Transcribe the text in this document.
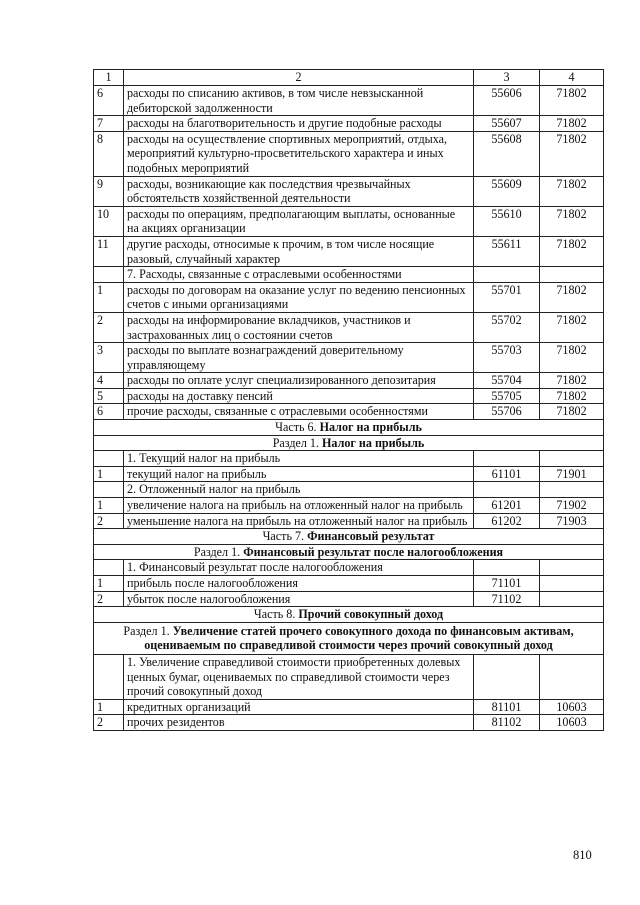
1	2	3	4
6	расходы по списанию активов, в том числе невзысканной дебиторской задолженности	55606	71802
7	расходы на благотворительность и другие подобные расходы	55607	71802
8	расходы на осуществление спортивных мероприятий, отдыха, мероприятий культурно-просветительского характера и иных подобных мероприятий	55608	71802
9	расходы, возникающие как последствия чрезвычайных обстоятельств хозяйственной деятельности	55609	71802
10	расходы по операциям, предполагающим выплаты, основанные на акциях организации	55610	71802
11	другие расходы, относимые к прочим, в том числе носящие разовый, случайный характер	55611	71802
	7. Расходы, связанные с отраслевыми особенностями		
1	расходы по договорам на оказание услуг по ведению пенсионных счетов с иными организациями	55701	71802
2	расходы на информирование вкладчиков, участников и застрахованных лиц о состоянии счетов	55702	71802
3	расходы по выплате вознаграждений доверительному управляющему	55703	71802
4	расходы по оплате услуг специализированного депозитария	55704	71802
5	расходы на доставку пенсий	55705	71802
6	прочие расходы, связанные с отраслевыми особенностями	55706	71802
Часть 6. Налог на прибыль			
Раздел 1. Налог на прибыль			
	1. Текущий налог на прибыль		
1	текущий налог на прибыль	61101	71901
	2. Отложенный налог на прибыль		
1	увеличение налога на прибыль на отложенный налог на прибыль	61201	71902
2	уменьшение налога на прибыль на отложенный налог на прибыль	61202	71903
Часть 7. Финансовый результат			
Раздел 1. Финансовый результат после налогообложения			
	1. Финансовый результат после налогообложения		
1	прибыль после налогообложения	71101	
2	убыток после налогообложения	71102	
Часть 8. Прочий совокупный доход			
Раздел 1. Увеличение статей прочего совокупного дохода по финансовым активам, оцениваемым по справедливой стоимости через прочий совокупный доход			
	1. Увеличение справедливой стоимости приобретенных долевых ценных бумаг, оцениваемых по справедливой стоимости через прочий совокупный доход		
1	кредитных организаций	81101	10603
2	прочих резидентов	81102	10603
810
